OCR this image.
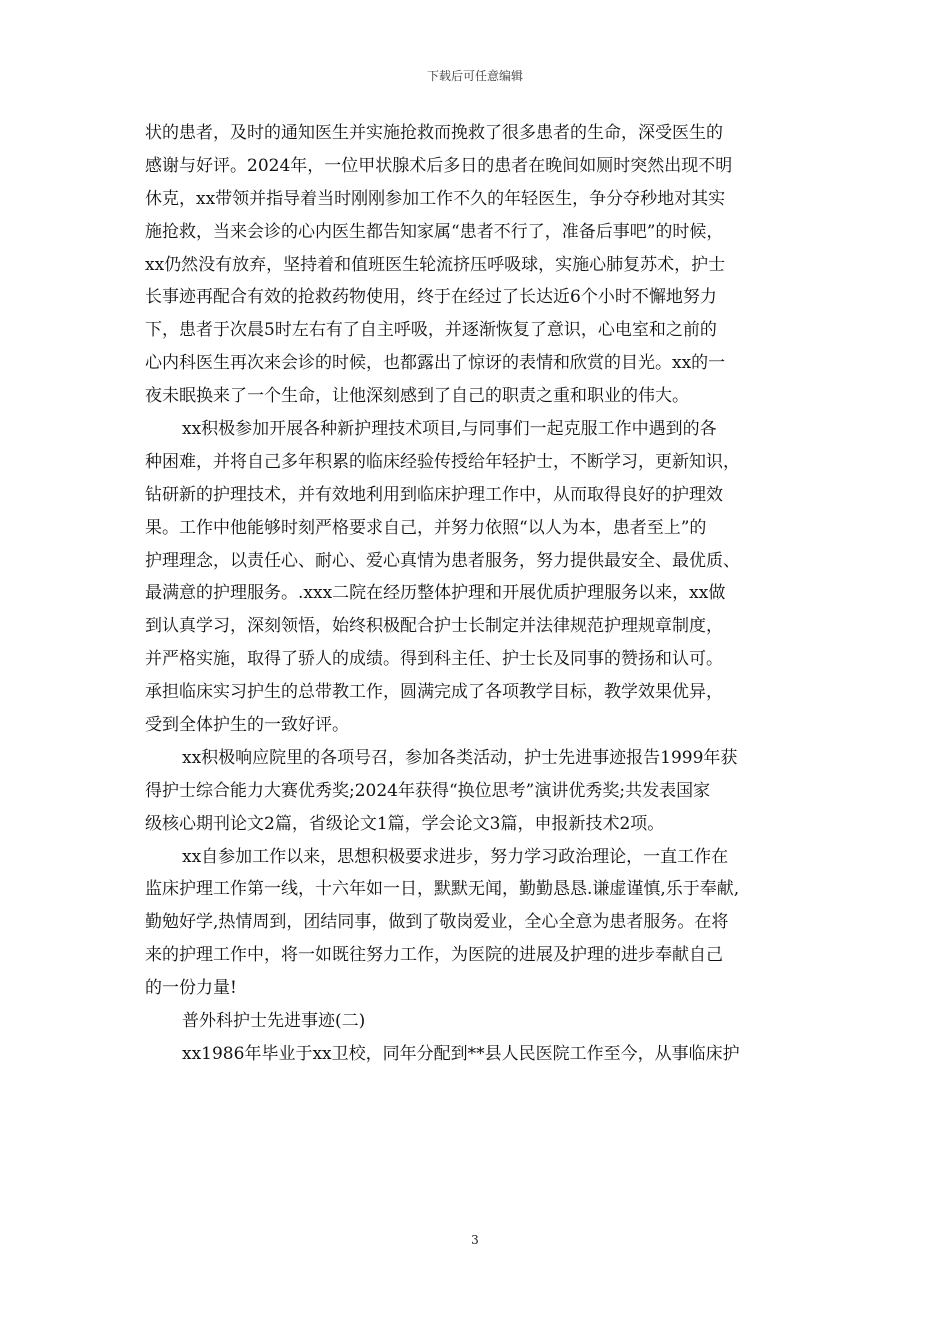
下载后可任意编辑
状的患者，及时的通知医生并实施抢救而挽救了很多患者的生命，深受医生的
感谢与好评。2024年，一位甲状腺术后多日的患者在晚间如厕时突然出现不明
休克，xx带领并指导着当时刚刚参加工作不久的年轻医生，争分夺秒地对其实
施抢救，当来会诊的心内医生都告知家属“患者不行了，准备后事吧”的时候，
xx仍然没有放弃，坚持着和值班医生轮流挤压呼吸球，实施心肺复苏术，护士
长事迹再配合有效的抢救药物使用，终于在经过了长达近6个小时不懈地努力
下，患者于次晨5时左右有了自主呼吸，并逐渐恢复了意识，心电室和之前的
心内科医生再次来会诊的时候，也都露出了惊讶的表情和欣赏的目光。xx的一
夜未眠换来了一个生命，让他深刻感到了自己的职责之重和职业的伟大。
xx积极参加开展各种新护理技术项目,与同事们一起克服工作中遇到的各
种困难，并将自己多年积累的临床经验传授给年轻护士，不断学习，更新知识，
钻研新的护理技术，并有效地利用到临床护理工作中，从而取得良好的护理效
果。工作中他能够时刻严格要求自己，并努力依照“以人为本，患者至上”的
护理理念，以责任心、耐心、爱心真情为患者服务，努力提供最安全、最优质、
最满意的护理服务。.xxx二院在经历整体护理和开展优质护理服务以来，xx做
到认真学习，深刻领悟，始终积极配合护士长制定并法律规范护理规章制度，
并严格实施，取得了骄人的成绩。得到科主任、护士长及同事的赞扬和认可。
承担临床实习护生的总带教工作，圆满完成了各项教学目标，教学效果优异，
受到全体护生的一致好评。
xx积极响应院里的各项号召，参加各类活动，护士先进事迹报告1999年获
得护士综合能力大赛优秀奖;2024年获得“换位思考”演讲优秀奖;共发表国家
级核心期刊论文2篇，省级论文1篇，学会论文3篇，申报新技术2项。
xx自参加工作以来，思想积极要求进步，努力学习政治理论，一直工作在
监床护理工作第一线，十六年如一日，默默无闻，勤勤恳恳.谦虚谨慎,乐于奉献,
勤勉好学,热情周到，团结同事，做到了敬岗爱业，全心全意为患者服务。在将
来的护理工作中，将一如既往努力工作，为医院的进展及护理的进步奉献自己
的一份力量!
普外科护士先进事迹(二)
xx1986年毕业于xx卫校，同年分配到**县人民医院工作至今，从事临床护
3
